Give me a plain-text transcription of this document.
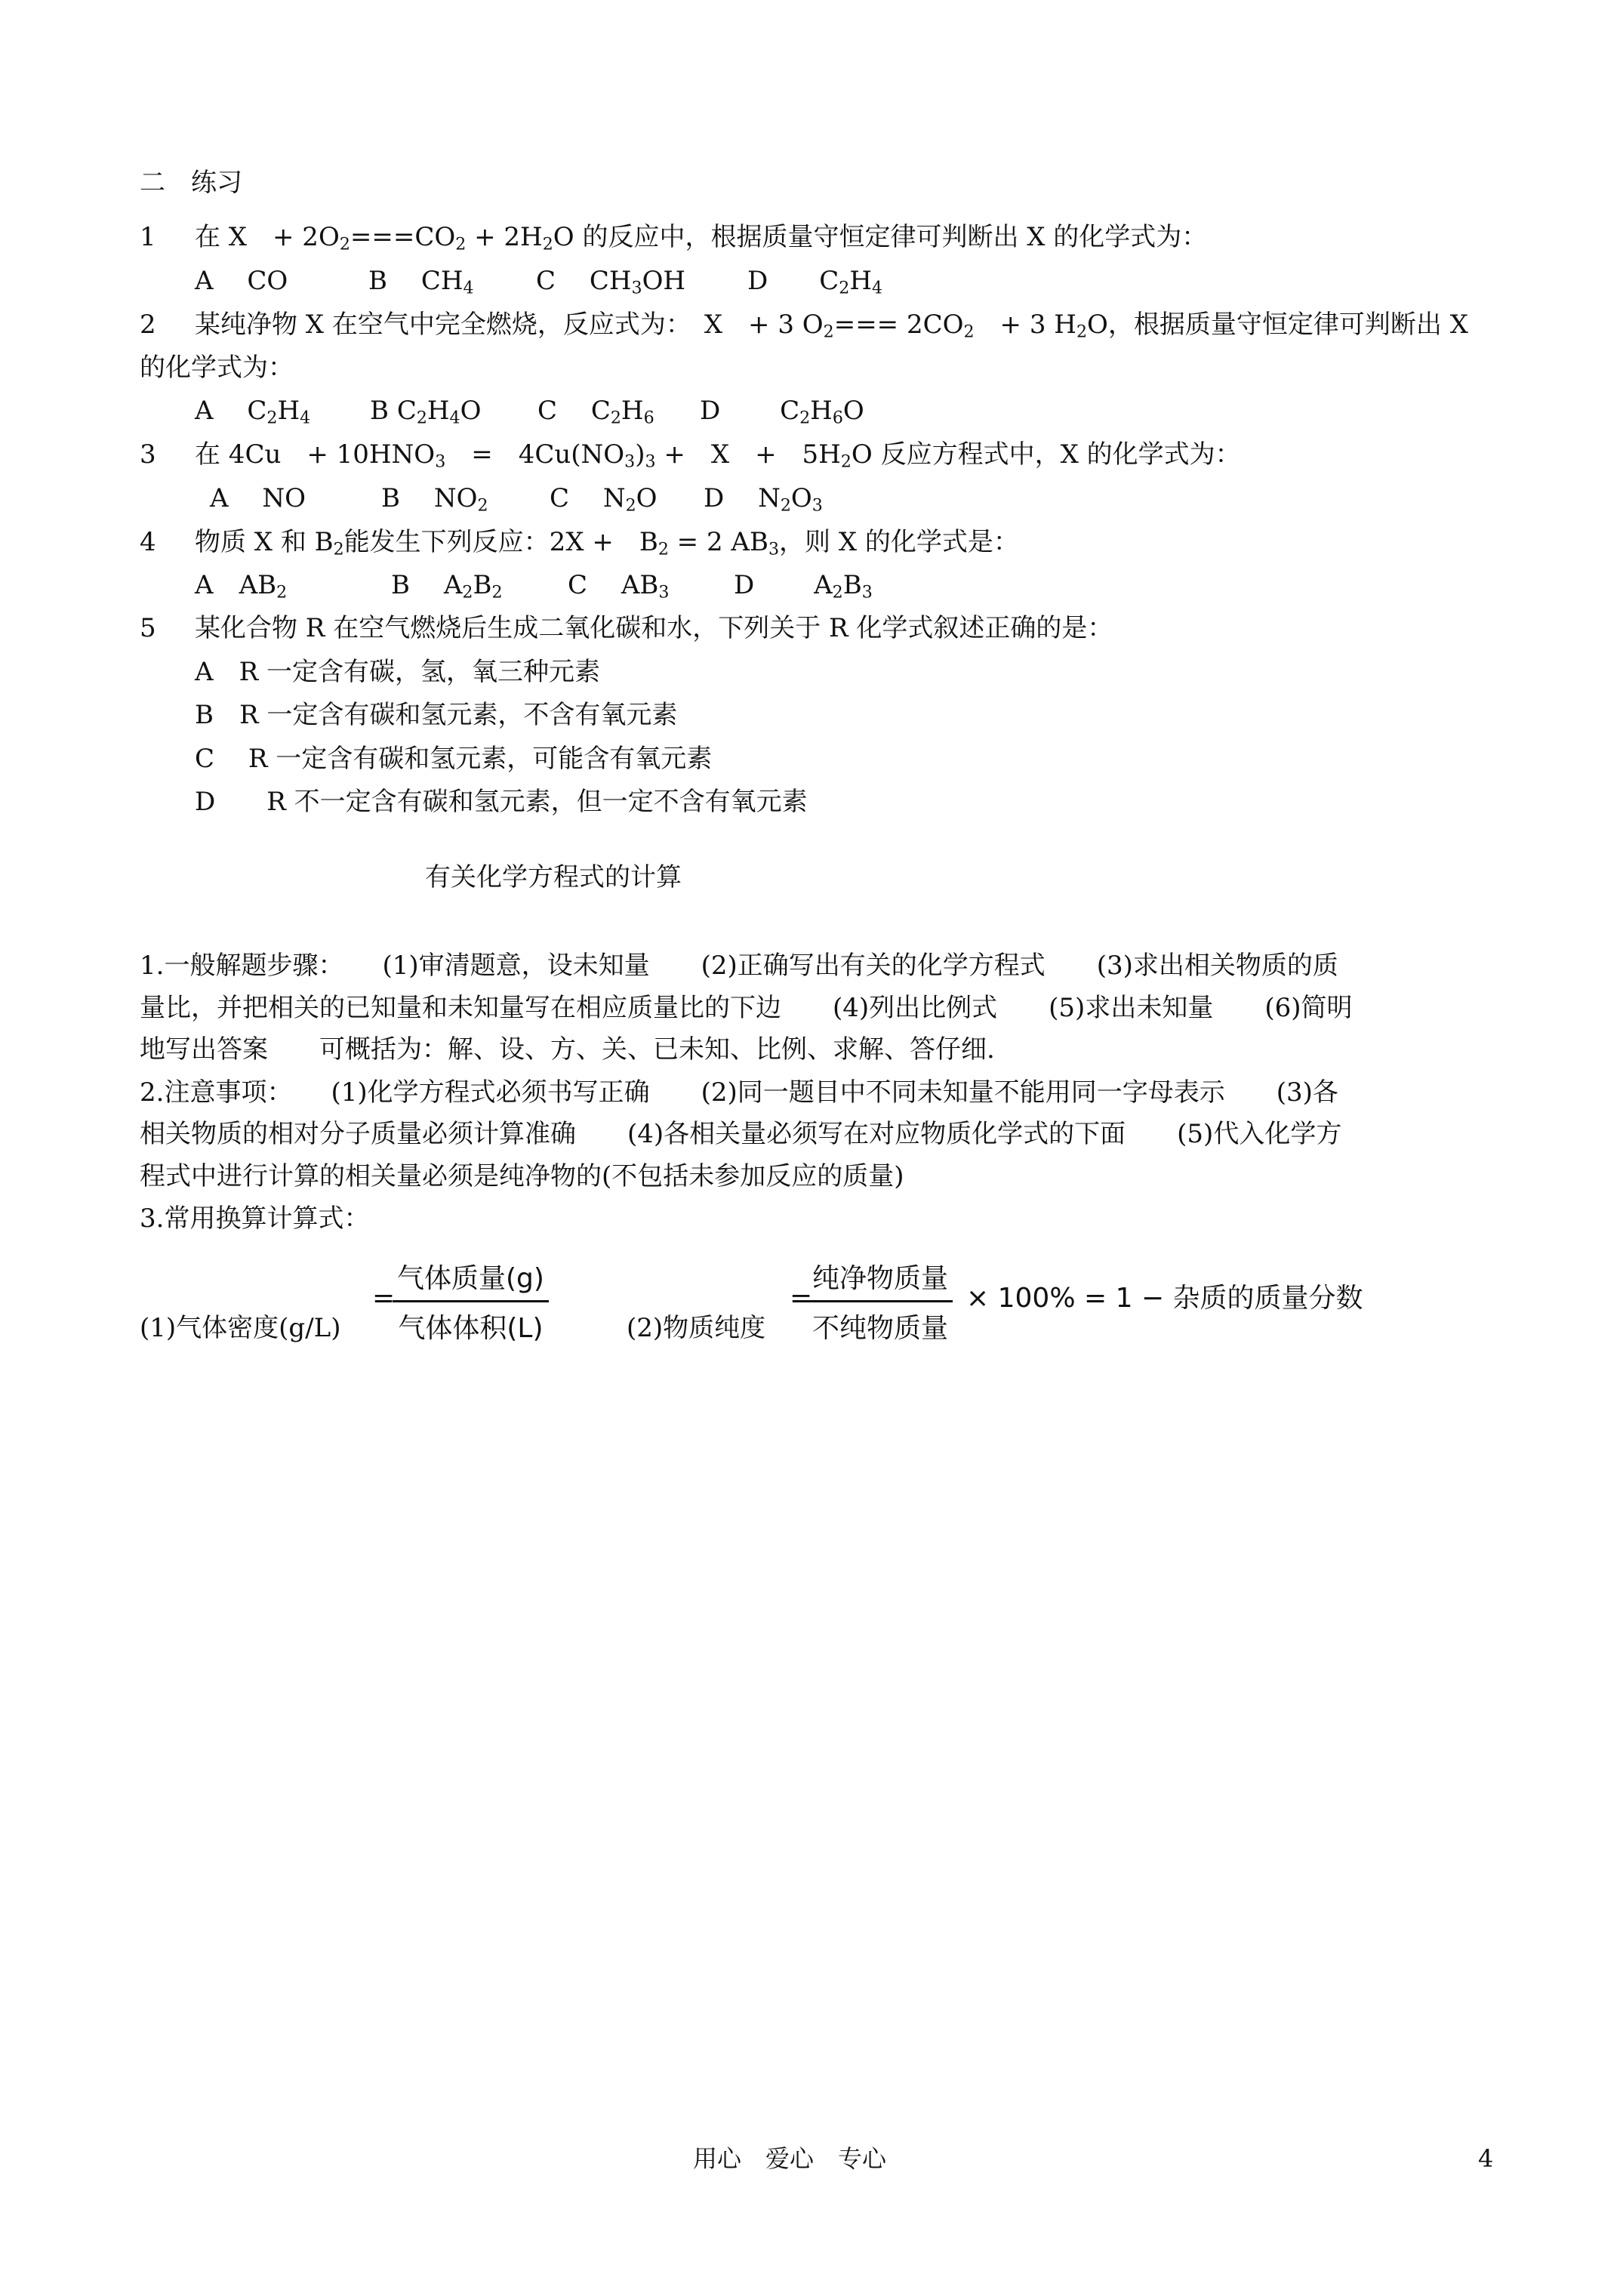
二　练习
1 在 X　+ $2O_2===CO_2 + 2H_2O$ 的反应中，根据质量守恒定律可判断出 X 的化学式为：
A　 CO	B　 $CH_4$ C　 $CH_3OH$ D　　 $C_2H_4$
2 某纯净物 X 在空气中完全燃烧，反应式为：　X　+ 3 $O_2=== 2CO_2$　+ 3 $H_2O$，根据质量守恒定律可判断出 X
的化学式为：
A　 $C_2H_4$ B $C_2H_4O$ C　 $C_2H_6$ D　　 $C_2H_6O$
3 在 4Cu　+ $10HNO_3$　=　$4Cu(NO_3)_3$ +　X　+　$5H_2O$ 反应方程式中，X 的化学式为：
A　 NO	B　 $NO_2$ C　 $N_2O$ D　 $N_2O_3$
4 物质 X 和 $B_2$能发生下列反应：2X +　$B_2 = 2$ $AB_3$，则 X 的化学式是：
A　 $AB_2$	B　 $A_2B_2$	C　 $AB_3$	D　　 $A_2B_3$
5 某化合物 R 在空气燃烧后生成二氧化碳和水，下列关于 R 化学式叙述正确的是：
A　 R 一定含有碳，氢，氧三种元素
B　 R 一定含有碳和氢元素，不含有氧元素
C　 R 一定含有碳和氢元素，可能含有氧元素
D　　 R 不一定含有碳和氢元素，但一定不含有氧元素
有关化学方程式的计算
1.一般解题步骤：　　(1)审清题意，设未知量　　(2)正确写出有关的化学方程式　　(3)求出相关物质的质
量比，并把相关的已知量和未知量写在相应质量比的下边　　(4)列出比例式　　(5)求出未知量　　(6)简明
地写出答案　　可概括为：解、设、方、关、已未知、比例、求解、答仔细.
2.注意事项：　　(1)化学方程式必须书写正确　　(2)同一题目中不同未知量不能用同一字母表示　　(3)各
相关物质的相对分子质量必须计算准确　　(4)各相关量必须写在对应物质化学式的下面　　(5)代入化学方
程式中进行计算的相关量必须是纯净物的(不包括未参加反应的质量)
3.常用换算计算式：
(1)气体密度(g/L)
=
气体质量(g)
气体体积(L)	(2)物质纯度
=
纯净物质量
不纯物质量
× 100% = 1 − 杂质的质量分数
用心　爱心　专心	4
